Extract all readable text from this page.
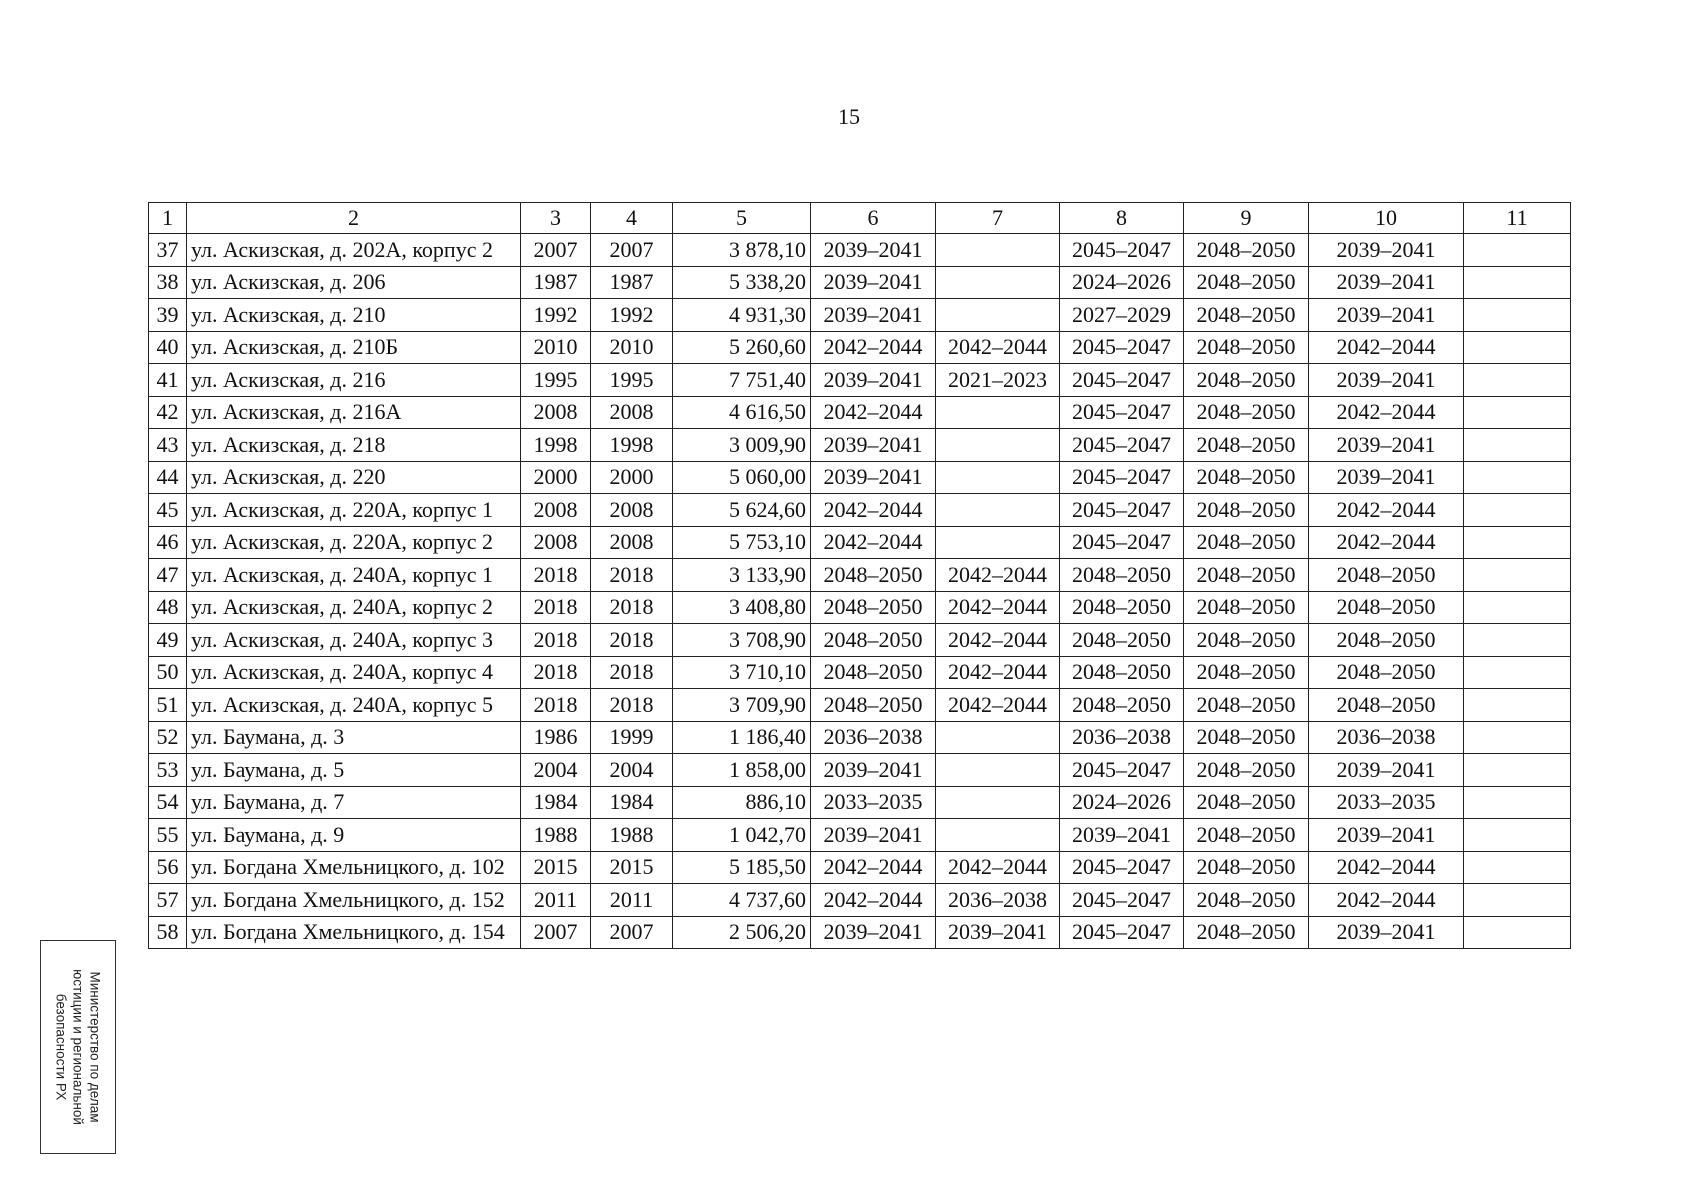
15
1	2	3	4	5	6	7	8	9	10	11
37	ул. Аскизская, д. 202А, корпус 2	2007	2007	3 878,10	2039–2041		2045–2047	2048–2050	2039–2041	
38	ул. Аскизская, д. 206	1987	1987	5 338,20	2039–2041		2024–2026	2048–2050	2039–2041	
39	ул. Аскизская, д. 210	1992	1992	4 931,30	2039–2041		2027–2029	2048–2050	2039–2041	
40	ул. Аскизская, д. 210Б	2010	2010	5 260,60	2042–2044	2042–2044	2045–2047	2048–2050	2042–2044	
41	ул. Аскизская, д. 216	1995	1995	7 751,40	2039–2041	2021–2023	2045–2047	2048–2050	2039–2041	
42	ул. Аскизская, д. 216А	2008	2008	4 616,50	2042–2044		2045–2047	2048–2050	2042–2044	
43	ул. Аскизская, д. 218	1998	1998	3 009,90	2039–2041		2045–2047	2048–2050	2039–2041	
44	ул. Аскизская, д. 220	2000	2000	5 060,00	2039–2041		2045–2047	2048–2050	2039–2041	
45	ул. Аскизская, д. 220А, корпус 1	2008	2008	5 624,60	2042–2044		2045–2047	2048–2050	2042–2044	
46	ул. Аскизская, д. 220А, корпус 2	2008	2008	5 753,10	2042–2044		2045–2047	2048–2050	2042–2044	
47	ул. Аскизская, д. 240А, корпус 1	2018	2018	3 133,90	2048–2050	2042–2044	2048–2050	2048–2050	2048–2050	
48	ул. Аскизская, д. 240А, корпус 2	2018	2018	3 408,80	2048–2050	2042–2044	2048–2050	2048–2050	2048–2050	
49	ул. Аскизская, д. 240А, корпус 3	2018	2018	3 708,90	2048–2050	2042–2044	2048–2050	2048–2050	2048–2050	
50	ул. Аскизская, д. 240А, корпус 4	2018	2018	3 710,10	2048–2050	2042–2044	2048–2050	2048–2050	2048–2050	
51	ул. Аскизская, д. 240А, корпус 5	2018	2018	3 709,90	2048–2050	2042–2044	2048–2050	2048–2050	2048–2050	
52	ул. Баумана, д. 3	1986	1999	1 186,40	2036–2038		2036–2038	2048–2050	2036–2038	
53	ул. Баумана, д. 5	2004	2004	1 858,00	2039–2041		2045–2047	2048–2050	2039–2041	
54	ул. Баумана, д. 7	1984	1984	886,10	2033–2035		2024–2026	2048–2050	2033–2035	
55	ул. Баумана, д. 9	1988	1988	1 042,70	2039–2041		2039–2041	2048–2050	2039–2041	
56	ул. Богдана Хмельницкого, д. 102	2015	2015	5 185,50	2042–2044	2042–2044	2045–2047	2048–2050	2042–2044	
57	ул. Богдана Хмельницкого, д. 152	2011	2011	4 737,60	2042–2044	2036–2038	2045–2047	2048–2050	2042–2044	
58	ул. Богдана Хмельницкого, д. 154	2007	2007	2 506,20	2039–2041	2039–2041	2045–2047	2048–2050	2039–2041	
Министерство по делам
юстиции и региональной
безопасности РХ
